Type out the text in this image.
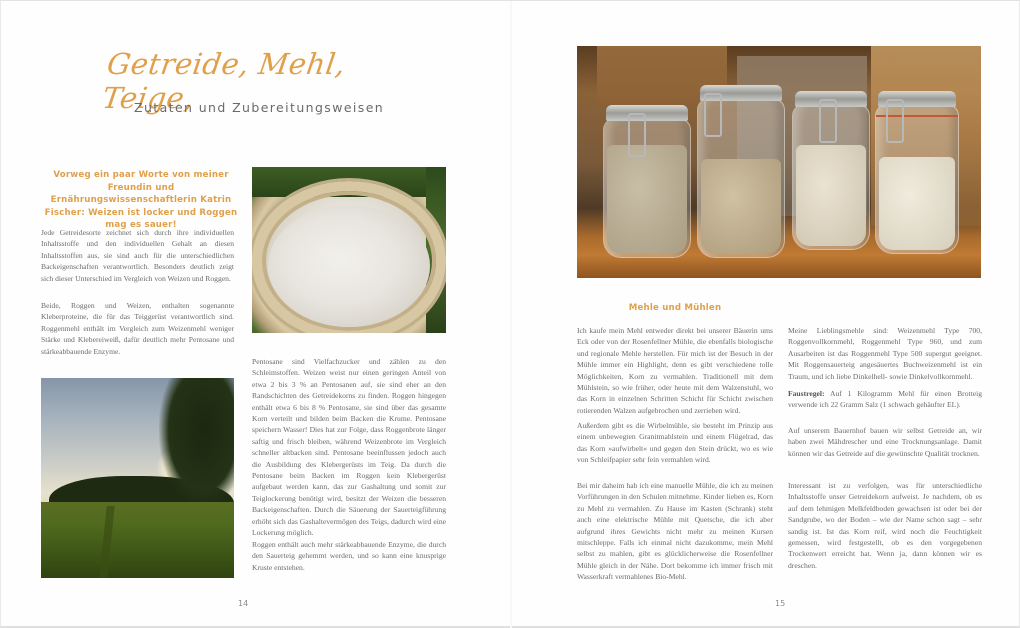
Getreide, Mehl, Teige,
Zutaten und Zubereitungsweisen
Vorweg ein paar Worte von meiner Freundin und Ernährungswissenschaftlerin Katrin Fischer: Weizen ist locker und Roggen mag es sauer!

Jede Getreidesorte zeichnet sich durch ihre individuellen Inhaltsstoffe und den individuellen Gehalt an diesen Inhaltsstoffen aus, sie sind auch für die unterschiedlichen Backeigenschaften verantwortlich. Besonders deutlich zeigt sich dieser Unterschied im Vergleich von Weizen und Roggen.

Beide, Roggen und Weizen, enthalten sogenannte Kleberproteine, die für das Teiggerüst verantwortlich sind. Roggenmehl enthält im Vergleich zum Weizenmehl weniger Stärke und Klebereiweiß, dafür deutlich mehr Pentosane und stärkeabbauende Enzyme.

Pentosane sind Vielfachzucker und zählen zu den Schleimstoffen. Weizen weist nur einen geringen Anteil von etwa 2 bis 3 % an Pentosanen auf, sie sind eher an den Randschichten des Getreidekorns zu finden. Roggen hingegen enthält etwa 6 bis 8 % Pentosane, sie sind über das gesamte Korn verteilt und bilden beim Backen die Krume. Pentosane speichern Wasser! Dies hat zur Folge, dass Roggenbrote länger saftig und frisch bleiben, während Weizenbrote im Vergleich schneller altbacken sind. Pentosane beeinflussen jedoch auch die Ausbildung des Klebergerüsts im Teig. Da durch die Pentosane beim Backen im Roggen kein Klebergerüst aufgebaut werden kann, das zur Gashaltung und somit zur Teiglockerung benötigt wird, besitzt der Weizen die besseren Backeigenschaften. Durch die Säuerung der Sauerteigführung erhöht sich das Gashaltevermögen des Teigs, dadurch wird eine Lockerung möglich.

Roggen enthält auch mehr stärkeabbauende Enzyme, die durch den Sauerteig gehemmt werden, und so kann eine knusprige Kruste entstehen.

14
Mehle und Mühlen

Ich kaufe mein Mehl entweder direkt bei unserer Bäuerin ums Eck oder von der Rosenfellner Mühle, die ebenfalls biologische und regionale Mehle herstellen. Für mich ist der Besuch in der Mühle immer ein Highlight, denn es gibt verschiedene tolle Möglichkeiten, Korn zu vermahlen. Traditionell mit dem Mühlstein, so wie früher, oder heute mit dem Walzenstuhl, wo das Korn in einzelnen Schritten Schicht für Schicht zwischen rotierenden Walzen aufgebrochen und zerrieben wird.

Außerdem gibt es die Wirbelmühle, sie besteht im Prinzip aus einem unbewegten Granitmahlstein und einem Flügelrad, das das Korn »aufwirbelt« und gegen den Stein drückt, wo es wie von Schleifpapier sehr fein vermahlen wird.

Bei mir daheim hab ich eine manuelle Mühle, die ich zu meinen Vorführungen in den Schulen mitnehme. Kinder lieben es, Korn zu Mehl zu vermahlen. Zu Hause im Kasten (Schrank) steht auch eine elektrische Mühle mit Quetsche, die ich aber aufgrund ihres Gewichts nicht mehr zu meinen Kursen mitschleppe. Falls ich einmal nicht dazukomme, mein Mehl selbst zu mahlen, gibt es glücklicherweise die Rosenfellner Mühle gleich in der Nähe. Dort bekomme ich immer frisch mit Wasserkraft vermahlenes Bio-Mehl.

Meine Lieblingsmehle sind: Weizenmehl Type 700, Roggenvollkornmehl, Roggenmehl Type 960, und zum Ausarbeiten ist das Roggenmehl Type 500 supergut geeignet. Mit Roggensauerteig angesäuertes Buchweizenmehl ist ein Traum, und ich liebe Dinkelhell- sowie Dinkelvollkornmehl.

Faustregel: Auf 1 Kilogramm Mehl für einen Brotteig verwende ich 22 Gramm Salz (1 schwach gehäufter EL).

Auf unserem Bauernhof bauen wir selbst Getreide an, wir haben zwei Mähdrescher und eine Trocknungsanlage. Damit können wir das Getreide auf die gewünschte Qualität trocknen.

Interessant ist zu verfolgen, was für unterschiedliche Inhaltsstoffe unser Getreidekorn aufweist. Je nachdem, ob es auf dem lehmigen Melkfeldboden gewachsen ist oder bei der Sandgrube, wo der Boden – wie der Name schon sagt – sehr sandig ist. Ist das Korn reif, wird noch die Feuchtigkeit gemessen, wird festgestellt, ob es den vorgegebenen Trockenwert erreicht hat. Wenn ja, dann können wir es dreschen.

15
